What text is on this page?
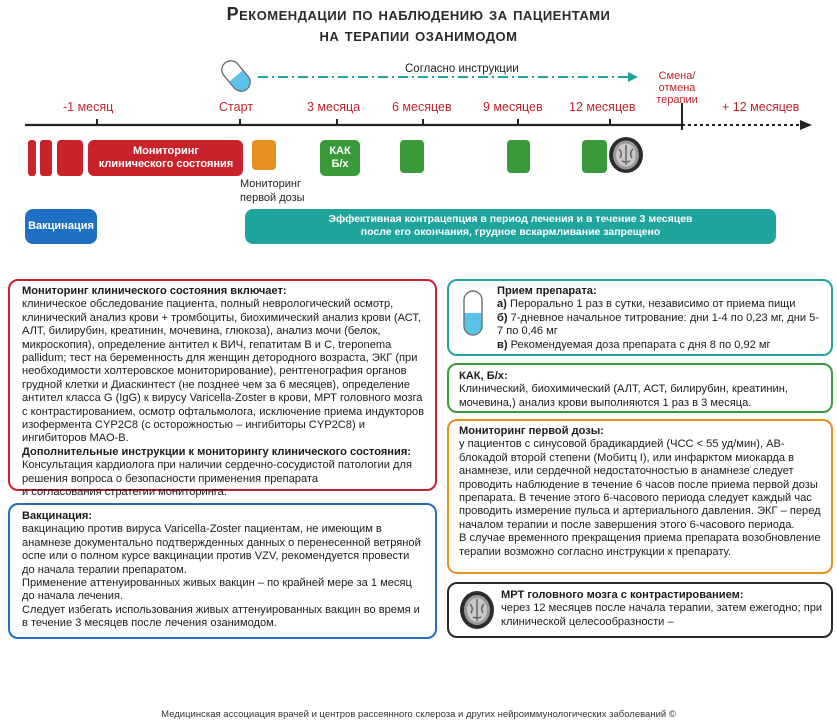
Рекомендации по наблюдению за пациентами
на терапии озанимодом
Согласно инструкции
Смена/отмена
терапии
-1 месяц	Старт	3 месяца	6 месяцев	9 месяцев 12 месяцев	+ 12 месяцев
Мониторинг
клинического состояния
КАК
Б/х
Мониторинг
первой дозы
Вакцинация
Эффективная контрацепция в период лечения и в течение 3 месяцев
после его окончания, грудное вскармливание запрещено

Мониторинг клинического состояния включает:

клиническое обследование пациента, полный неврологический осмотр, клинический анализ крови + тромбоциты, биохимический анализ крови (АСТ, АЛТ, билирубин, креатинин, мочевина, глюкоза), анализ мочи (белок, микроскопия), определение антител к ВИЧ, гепатитам В и С, treponema pallidum; тест на беременность для женщин детородного возраста, ЭКГ (при необходимости холтеровское мониторирование), рентгенография органов грудной клетки и Диаскинтест (не позднее чем за 6 месяцев), определение антител класса G (IgG) к вирусу Varicella-Zoster в крови, МРТ головного мозга с контрастированием, осмотр офтальмолога, исключение приема индукторов изофермента CYP2C8 (с осторожностью – ингибиторы CYP2C8) и ингибиторов МАО-В.

Дополнительные инструкции к мониторингу клинического состояния:

Консультация кардиолога при наличии сердечно-сосудистой патологии для решения вопроса о безопасности применения препарата

и согласования стратегии мониторинга.

Вакцинация:

вакцинацию против вируса Varicella-Zoster пациентам, не имеющим в анамнезе документально подтвержденных данных о перенесенной ветряной оспе или о полном курсе вакцинации против VZV, рекомендуется провести до начала терапии препаратом.

Применение аттенуированных живых вакцин – по крайней мере за 1 месяц до начала лечения.

Следует избегать использования живых аттенуированных вакцин во время и в течение 3 месяцев после лечения озанимодом.

Прием препарата:

а) Перорально 1 раз в сутки, независимо от приема пищи

б) 7-дневное начальное титрование: дни 1-4 по 0,23 мг, дни 5-7 по 0,46 мг

в) Рекомендуемая доза препарата с дня 8 по 0,92 мг

КАК, Б/х:

Клинический, биохимический (АЛТ, АСТ, билирубин, креатинин, мочевина,) анализ крови выполняются 1 раз в 3 месяца.

Мониторинг первой дозы:

у пациентов с синусовой брадикардией (ЧСС < 55 уд/мин), АВ-блокадой второй степени (Мобитц I), или инфарктом миокарда в анамнезе, или сердечной недостаточностью в анамнезе следует проводить наблюдение в течение 6 часов после приема первой дозы препарата. В течение этого 6-часового периода следует каждый час проводить измерение пульса и артериального давления. ЭКГ – перед началом терапии и после завершения этого 6-часового периода.

В случае временного прекращения приема препарата возобновление терапии возможно согласно инструкции к препарату.

МРТ головного мозга с контрастированием:

через 12 месяцев после начала терапии, затем ежегодно; при клинической целесообразности –

Медицинская ассоциация врачей и центров рассеянного склероза и других нейроиммунологических заболеваний ©
